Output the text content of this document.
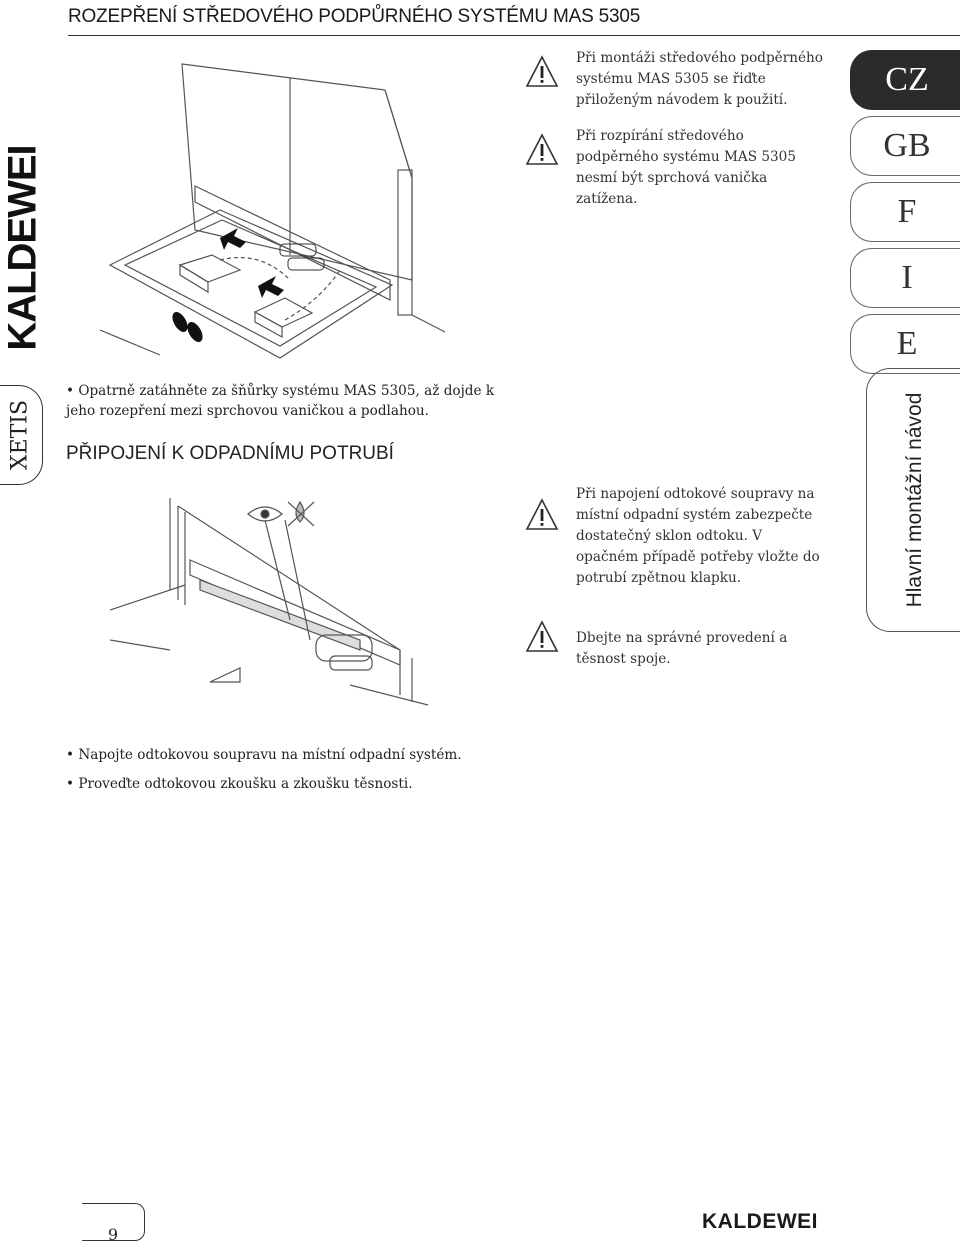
ROZEPŘENÍ STŘEDOVÉHO PODPŮRNÉHO SYSTÉMU MAS 5305
KALDEWEI
XETIS
CZ
GB
F
I
E
Hlavní montážní návod
Při montáži středového podpěrného systému MAS 5305 se řiďte přiloženým návodem k použití.
Při rozpírání středového podpěrného systému MAS 5305 nesmí být sprchová vanička zatížena.
• Opatrně zatáhněte za šňůrky systému MAS 5305, až dojde k jeho rozepření mezi sprchovou vaničkou a podlahou.
PŘIPOJENÍ K ODPADNÍMU POTRUBÍ
Při napojení odtokové soupravy na místní odpadní systém zabezpečte dostatečný sklon odtoku. V opačném případě potřeby vložte do potrubí zpětnou klapku.
Dbejte na správné provedení a těsnost spoje.
• Napojte odtokovou soupravu na místní odpadní systém.
• Proveďte odtokovou zkoušku a zkoušku těsnosti.
9
KALDEWEI
